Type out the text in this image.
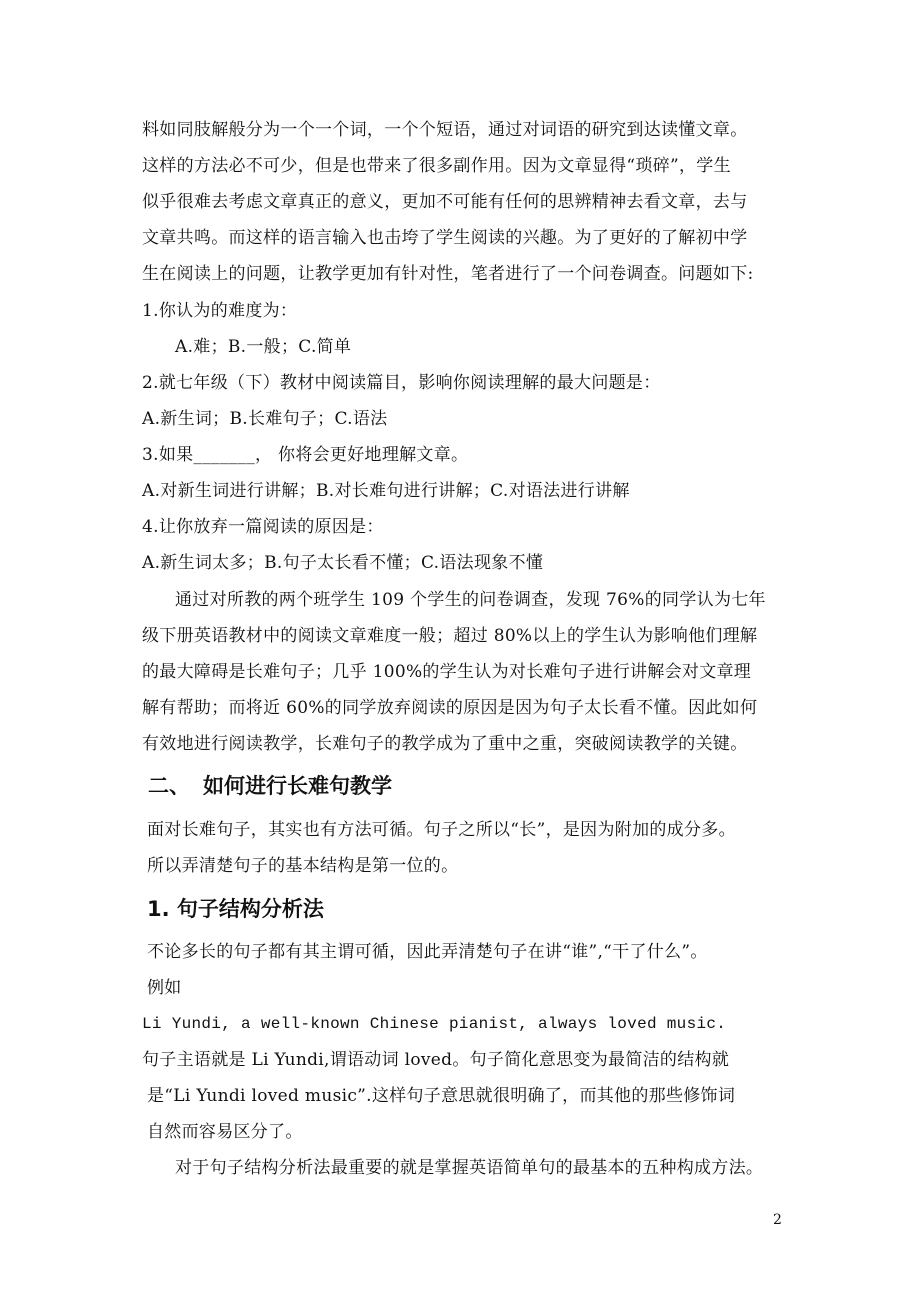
料如同肢解般分为一个一个词，一个个短语，通过对词语的研究到达读懂文章。
这样的方法必不可少，但是也带来了很多副作用。因为文章显得“琐碎”，学生
似乎很难去考虑文章真正的意义，更加不可能有任何的思辨精神去看文章，去与
文章共鸣。而这样的语言输入也击垮了学生阅读的兴趣。为了更好的了解初中学
生在阅读上的问题，让教学更加有针对性，笔者进行了一个问卷调查。问题如下:
1.你认为的难度为：
A.难；B.一般；C.简单
2.就七年级（下）教材中阅读篇目，影响你阅读理解的最大问题是：
A.新生词；B.长难句子；C.语法
3.如果_______， 你将会更好地理解文章。
A.对新生词进行讲解；B.对长难句进行讲解；C.对语法进行讲解
4.让你放弃一篇阅读的原因是：
A.新生词太多；B.句子太长看不懂；C.语法现象不懂
通过对所教的两个班学生 109 个学生的问卷调查，发现 76%的同学认为七年
级下册英语教材中的阅读文章难度一般；超过 80%以上的学生认为影响他们理解
的最大障碍是长难句子；几乎 100%的学生认为对长难句子进行讲解会对文章理
解有帮助；而将近 60%的同学放弃阅读的原因是因为句子太长看不懂。因此如何
有效地进行阅读教学，长难句子的教学成为了重中之重，突破阅读教学的关键。
二、 如何进行长难句教学
面对长难句子，其实也有方法可循。句子之所以“长”，是因为附加的成分多。
所以弄清楚句子的基本结构是第一位的。
1. 句子结构分析法
不论多长的句子都有其主谓可循，因此弄清楚句子在讲“谁”,“干了什么”。
例如
Li Yundi, a well-known Chinese pianist, always loved music.
句子主语就是 Li Yundi,谓语动词 loved。句子简化意思变为最简洁的结构就
是“Li Yundi loved music”.这样句子意思就很明确了，而其他的那些修饰词
自然而容易区分了。
对于句子结构分析法最重要的就是掌握英语简单句的最基本的五种构成方法。
2
